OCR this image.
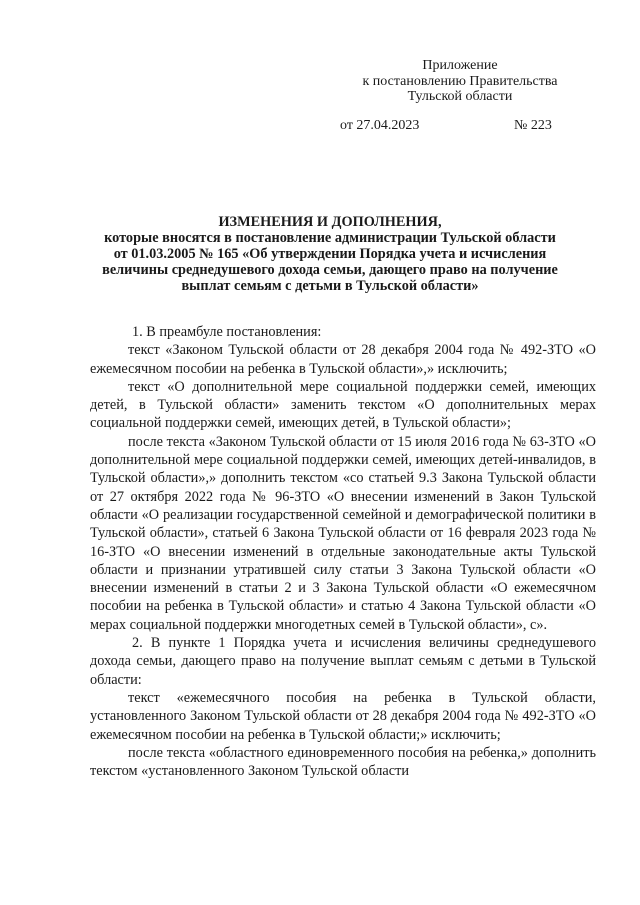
Приложение
к постановлению Правительства
Тульской области
от 27.04.2023	№ 223
ИЗМЕНЕНИЯ И ДОПОЛНЕНИЯ,
которые вносятся в постановление администрации Тульской области
от 01.03.2005 № 165 «Об утверждении Порядка учета и исчисления
величины среднедушевого дохода семьи, дающего право на получение
выплат семьям с детьми в Тульской области»

1. В преамбуле постановления:

текст «Законом Тульской области от 28 декабря 2004 года № 492-ЗТО «О ежемесячном пособии на ребенка в Тульской области»,» исключить;

текст «О дополнительной мере социальной поддержки семей, имеющих детей, в Тульской области» заменить текстом «О дополнительных мерах социальной поддержки семей, имеющих детей, в Тульской области»;

после текста «Законом Тульской области от 15 июля 2016 года № 63-ЗТО «О дополнительной мере социальной поддержки семей, имеющих детей-инвалидов, в Тульской области»,» дополнить текстом «со статьей 9.3 Закона Тульской области от 27 октября 2022 года № 96-ЗТО «О внесении изменений в Закон Тульской области «О реализации государственной семейной и демографической политики в Тульской области», статьей 6 Закона Тульской области от 16 февраля 2023 года № 16-ЗТО «О внесении изменений в отдельные законодательные акты Тульской области и признании утратившей силу статьи 3 Закона Тульской области «О внесении изменений в статьи 2 и 3 Закона Тульской области «О ежемесячном пособии на ребенка в Тульской области» и статью 4 Закона Тульской области «О мерах социальной поддержки многодетных семей в Тульской области», с».

2. В пункте 1 Порядка учета и исчисления величины среднедушевого дохода семьи, дающего право на получение выплат семьям с детьми в Тульской области:

текст «ежемесячного пособия на ребенка в Тульской области, установленного Законом Тульской области от 28 декабря 2004 года № 492-ЗТО «О ежемесячном пособии на ребенка в Тульской области;» исключить;

после текста «областного единовременного пособия на ребенка,» дополнить текстом «установленного Законом Тульской области
